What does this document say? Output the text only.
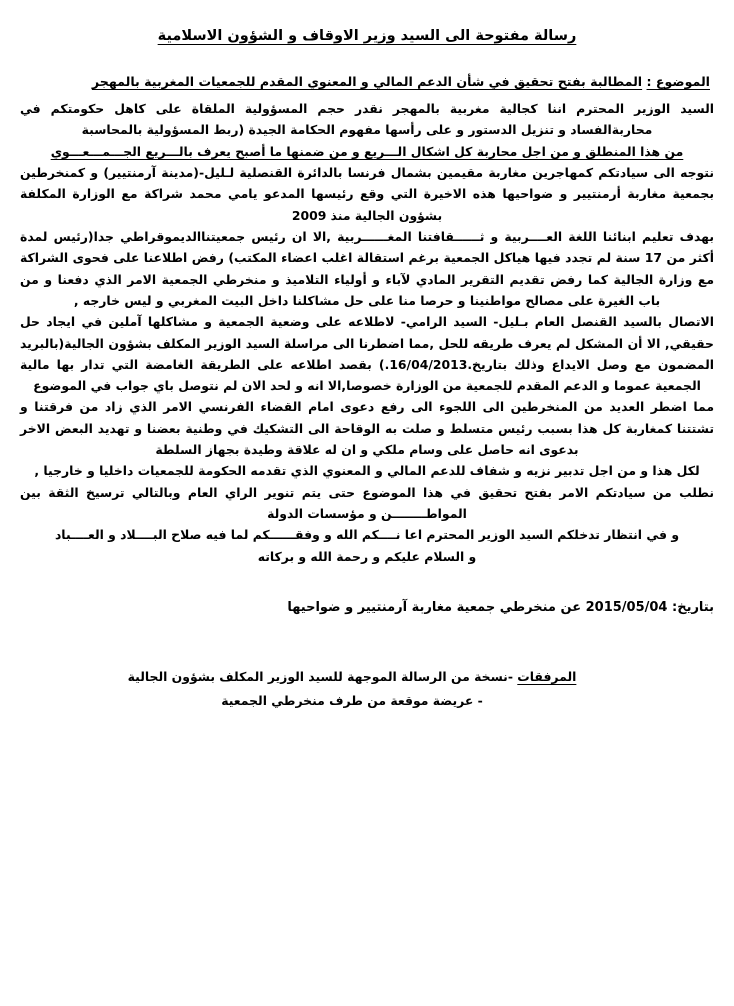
رسالة مفتوحة الى السيد وزير الاوقاف و الشؤون الاسلامية
الموضوع : المطالبة بفتح تحقيق في شأن الدعم المالي و المعنوي المقدم للجمعيات المغربية بالمهجر

السيد الوزير المحترم اننا كجالية مغربية بالمهجر نقدر حجم المسؤولية الملقاة على كاهل حكومتكم في محاربةالفساد و تنزيل الدستور و على رأسها مفهوم الحكامة الجيدة (ربط المسؤولية بالمحاسبة

من هذا المنطلق و من اجل محاربة كل اشكال الـــريع و من ضمنها ما أصبح يعرف بالـــريع الجـــمـــعـــوي

نتوجه الى سيادتكم كمهاجرين مغاربة مقيمين بشمال فرنسا بالدائرة القنصلية لـليل-(مدينة آرمنتيير) و كمنخرطين بجمعية مغاربة أرمنتيير و ضواحيها هذه الاخيرة التي وقع رئيسها المدعو يامي محمد شراكة مع الوزارة المكلفة بشؤون الجالية منذ 2009

بهدف تعليم ابنائنا اللغة العــــربية و ثــــــقافتنا المغــــــربية ,الا ان رئيس جمعيتناالديموقراطي جدا(رئيس لمدة أكثر من 17 سنة لم تجدد فيها هياكل الجمعية برغم استقالة اغلب اعضاء المكتب) رفض اطلاعنا على فحوى الشراكة مع وزارة الجالية كما رفض تقديم التقرير المادي لآباء و أولياء التلاميذ و منخرطي الجمعية الامر الذي دفعنا و من باب الغيرة على مصالح مواطنينا و حرصا منا على حل مشاكلنا داخل البيت المغربي و ليس خارجه ,

الاتصال بالسيد القنصل العام بـليل- السيد الرامي- لاطلاعه على وضعية الجمعية و مشاكلها آملين في ايجاد حل حقيقي, الا أن المشكل لم يعرف طريقه للحل ,مما اضطرنا الى مراسلة السيد الوزير المكلف بشؤون الجالية(بالبريد المضمون مع وصل الايداع وذلك بتاريخ.16/04/2013.) بقصد اطلاعه على الطريقة الغامضة التي تدار بها مالية الجمعية عموما و الدعم المقدم للجمعية من الوزارة خصوصا,الا انه و لحد الان لم نتوصل باي جواب في الموضوع

مما اضطر العديد من المنخرطين الى اللجوء الى رفع دعوى امام القضاء الفرنسي الامر الذي زاد من فرقتنا و تشتتنا كمغاربة كل هذا بسبب رئيس متسلط و صلت به الوقاحة الى التشكيك في وطنية بعضنا و تهديد البعض الاخر بدعوى انه حاصل على وسام ملكي و ان له علاقة وطيدة بجهاز السلطة

لكل هذا و من اجل تدبير نزيه و شفاف للدعم المالي و المعنوي الذي تقدمه الحكومة للجمعيات داخليا و خارجيا ,

نطلب من سيادتكم الامر بفتح تحقيق في هذا الموضوع حتى يتم تنوير الراي العام وبالتالي ترسيخ الثقة بين المواطــــــــن و مؤسسات الدولة

و في انتظار تدخلكم السيد الوزير المحترم اعا نــــكم الله و وفقــــــكم لما فيه صلاح البــــلاد و العــــباد

و السلام عليكم و رحمة الله و بركاته

بتاريخ: 2015/05/04 عن منخرطي جمعية مغاربة آرمنتيير و ضواحيها
المرفقات -نسخة من الرسالة الموجهة للسيد الوزير المكلف بشؤون الجالية
- عريضة موقعة من طرف منخرطي الجمعية
